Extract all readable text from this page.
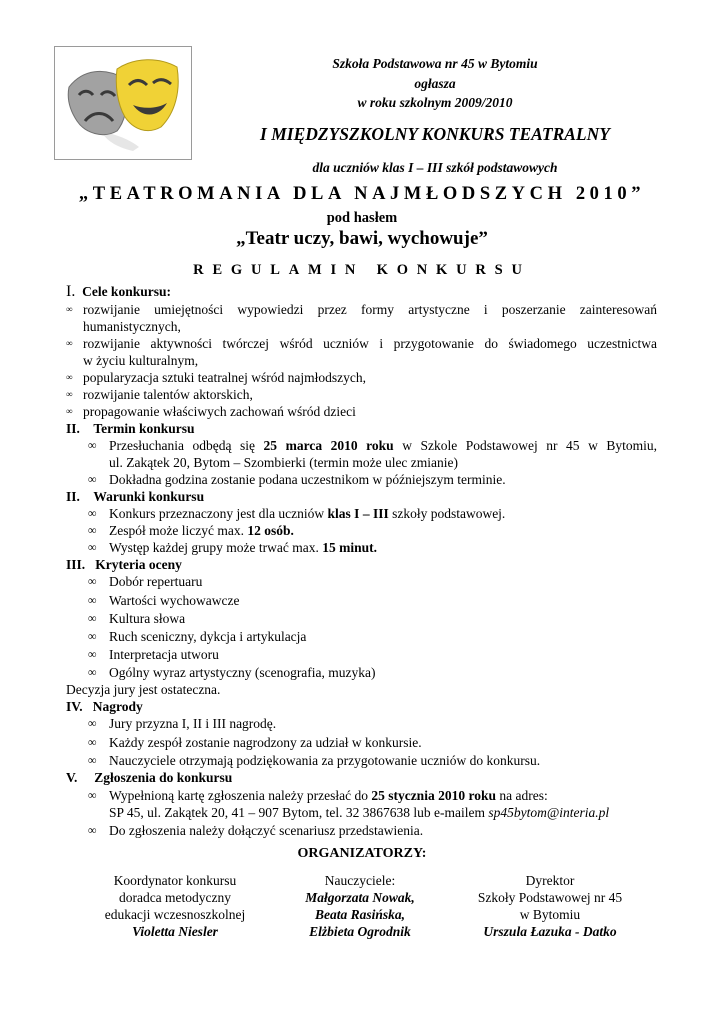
Szkoła Podstawowa nr 45 w Bytomiu
ogłasza
w roku szkolnym 2009/2010
I MIĘDZYSZKOLNY KONKURS TEATRALNY
dla uczniów klas I – III szkół podstawowych
„TEATROMANIA DLA NAJMŁODSZYCH 2010”
pod hasłem
„Teatr uczy, bawi, wychowuje”
REGULAMIN KONKURSU
I. Cele konkursu:
∞ rozwijanie umiejętności wypowiedzi przez formy artystyczne i poszerzanie zainteresowań
humanistycznych,
∞ rozwijanie aktywności twórczej wśród uczniów i przygotowanie do świadomego uczestnictwa
w życiu kulturalnym,
∞ popularyzacja sztuki teatralnej wśród najmłodszych,
∞ rozwijanie talentów aktorskich,
∞ propagowanie właściwych zachowań wśród dzieci
II. Termin konkursu
∞ Przesłuchania odbędą się 25 marca 2010 roku w Szkole Podstawowej nr 45 w Bytomiu,
ul. Zakątek 20, Bytom – Szombierki (termin może ulec zmianie)
∞ Dokładna godzina zostanie podana uczestnikom w późniejszym terminie.
II. Warunki konkursu
∞ Konkurs przeznaczony jest dla uczniów klas I – III szkoły podstawowej.
∞ Zespół może liczyć max. 12 osób.
∞ Występ każdej grupy może trwać max. 15 minut.
III. Kryteria oceny
∞ Dobór repertuaru
∞ Wartości wychowawcze
∞ Kultura słowa
∞ Ruch sceniczny, dykcja i artykulacja
∞ Interpretacja utworu
∞ Ogólny wyraz artystyczny (scenografia, muzyka)
Decyzja jury jest ostateczna.
IV. Nagrody
∞ Jury przyzna I, II i III nagrodę.
∞ Każdy zespół zostanie nagrodzony za udział w konkursie.
∞ Nauczyciele otrzymają podziękowania za przygotowanie uczniów do konkursu.
V. Zgłoszenia do konkursu
∞ Wypełnioną kartę zgłoszenia należy przesłać do 25 stycznia 2010 roku na adres:
SP 45, ul. Zakątek 20, 41 – 907 Bytom, tel. 32 3867638 lub e-mailem sp45bytom@interia.pl
∞ Do zgłoszenia należy dołączyć scenariusz przedstawienia.
ORGANIZATORZY:
Koordynator konkursu
doradca metodyczny
edukacji wczesnoszkolnej
Violetta Niesler
Nauczyciele:
Małgorzata Nowak,
Beata Rasińska,
Elżbieta Ogrodnik
Dyrektor
Szkoły Podstawowej nr 45
w Bytomiu
Urszula Łazuka - Datko
